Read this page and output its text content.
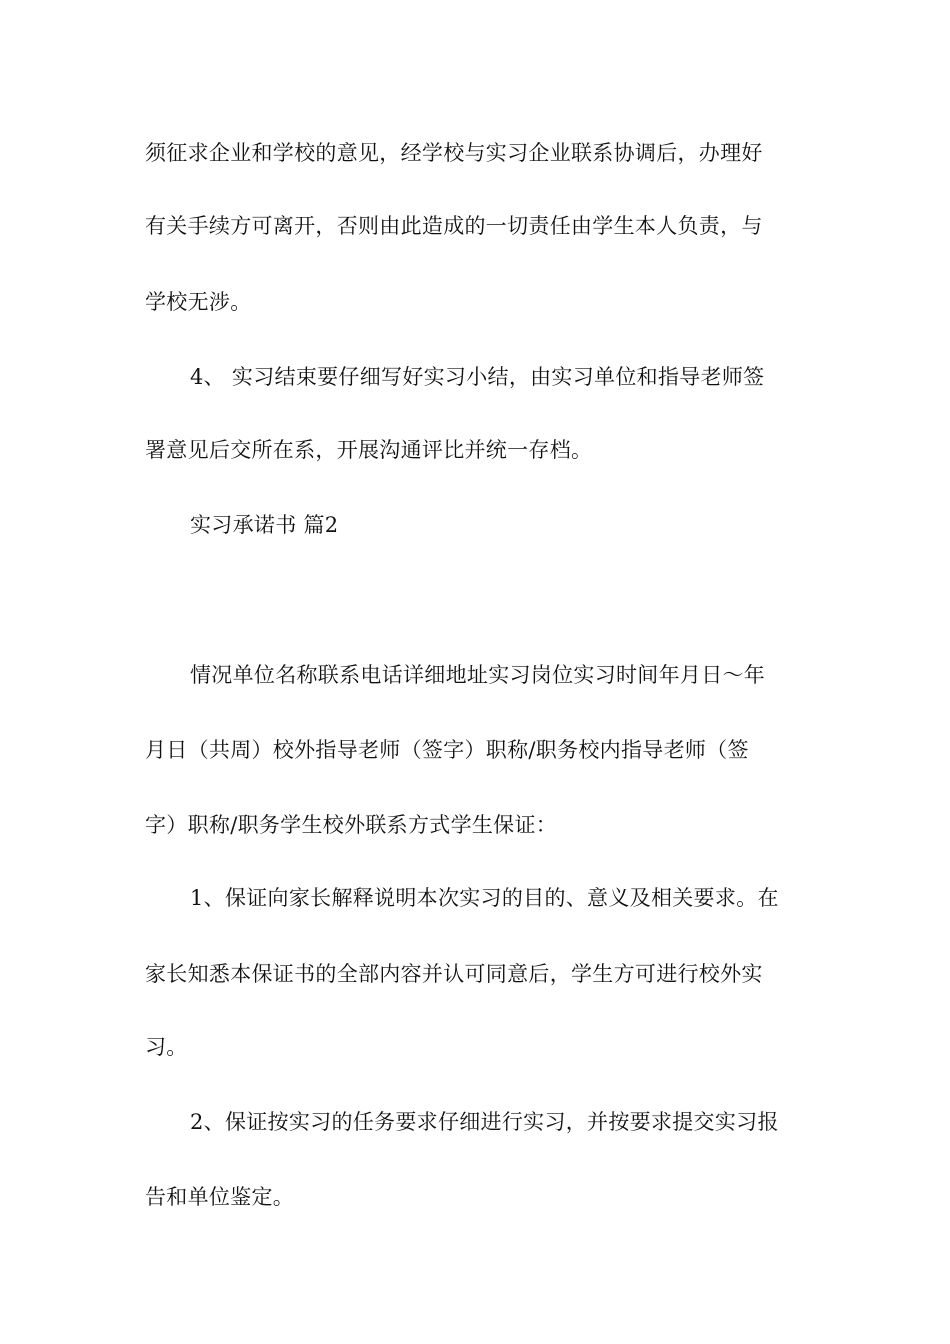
须征求企业和学校的意见，经学校与实习企业联系协调后，办理好
有关手续方可离开，否则由此造成的一切责任由学生本人负责，与
学校无涉。
4、 实习结束要仔细写好实习小结，由实习单位和指导老师签
署意见后交所在系，开展沟通评比并统一存档。
实习承诺书 篇2
情况单位名称联系电话详细地址实习岗位实习时间年月日～年
月日（共周）校外指导老师（签字）职称/职务校内指导老师（签
字）职称/职务学生校外联系方式学生保证：
1、保证向家长解释说明本次实习的目的、意义及相关要求。在
家长知悉本保证书的全部内容并认可同意后，学生方可进行校外实
习。
2、保证按实习的任务要求仔细进行实习，并按要求提交实习报
告和单位鉴定。
